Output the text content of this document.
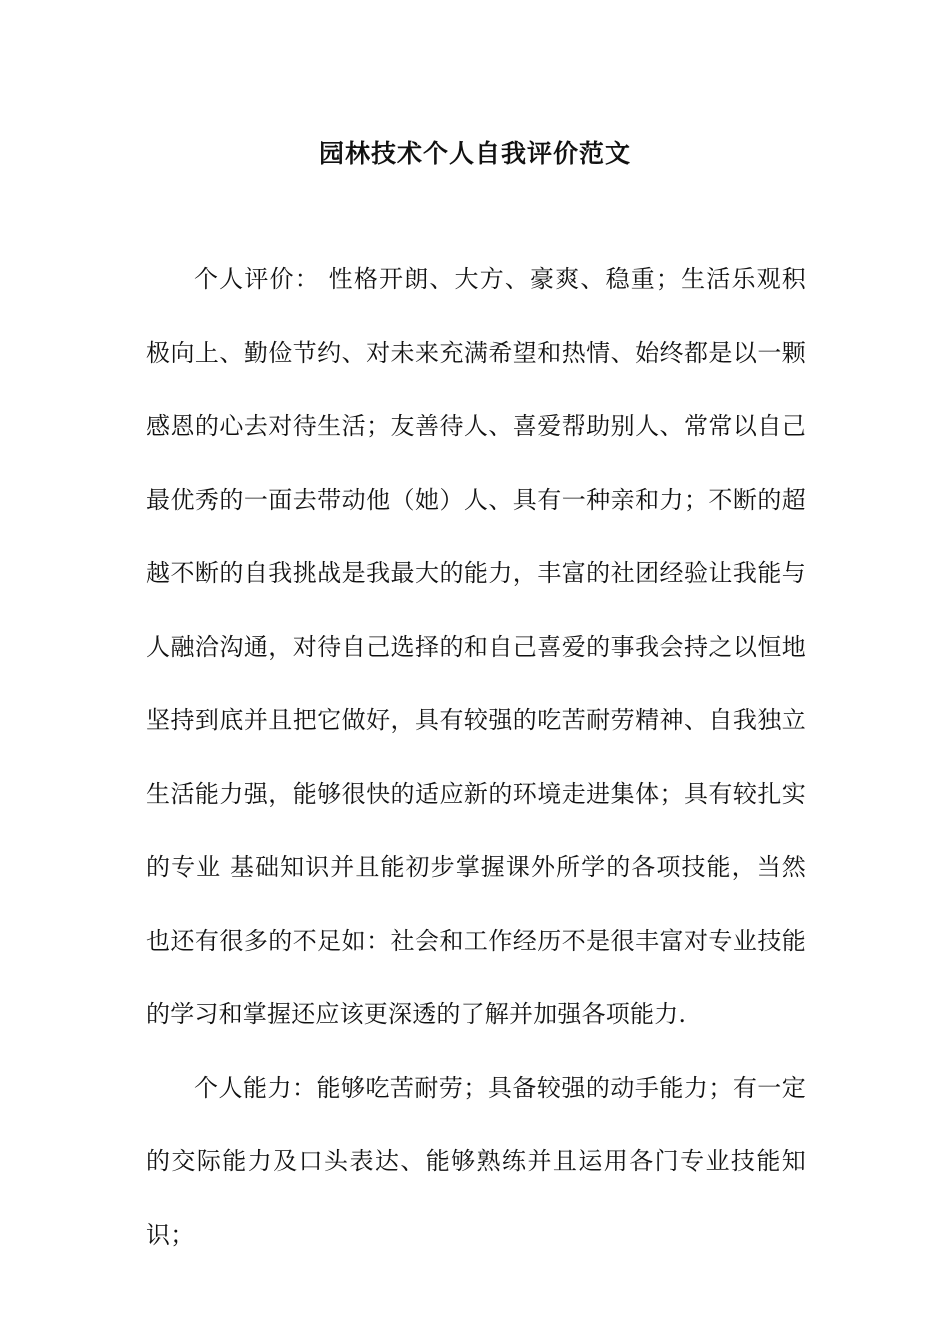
园林技术个人自我评价范文

个人评价： 性格开朗、大方、豪爽、稳重；生活乐观积极向上、勤俭节约、对未来充满希望和热情、始终都是以一颗感恩的心去对待生活；友善待人、喜爱帮助别人、常常以自己最优秀的一面去带动他（她）人、具有一种亲和力；不断的超越不断的自我挑战是我最大的能力，丰富的社团经验让我能与人融洽沟通，对待自己选择的和自己喜爱的事我会持之以恒地坚持到底并且把它做好，具有较强的吃苦耐劳精神、自我独立生活能力强，能够很快的适应新的环境走进集体；具有较扎实的专业 基础知识并且能初步掌握课外所学的各项技能，当然也还有很多的不足如：社会和工作经历不是很丰富对专业技能的学习和掌握还应该更深透的了解并加强各项能力.

个人能力：能够吃苦耐劳；具备较强的动手能力；有一定的交际能力及口头表达、能够熟练并且运用各门专业技能知识；
